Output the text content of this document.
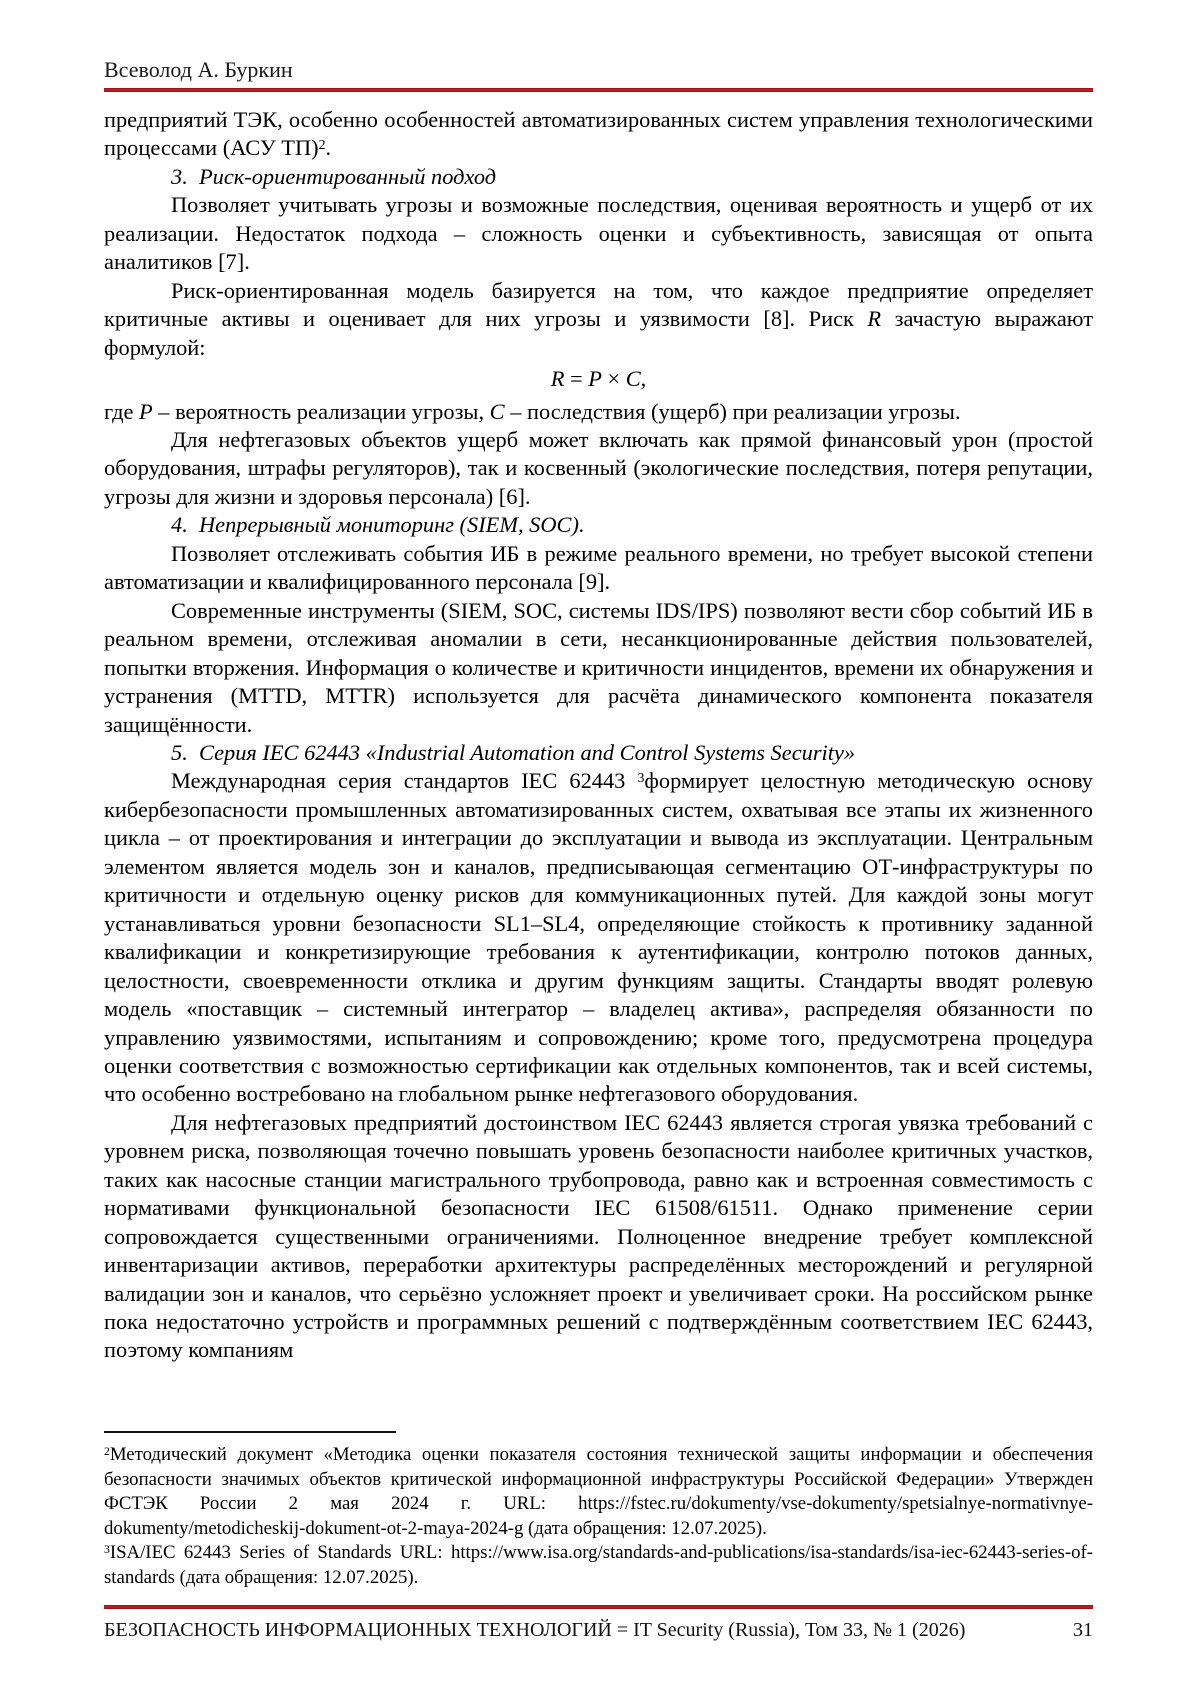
Всеволод А. Буркин
предприятий ТЭК, особенно особенностей автоматизированных систем управления технологическими процессами (АСУ ТП)$^2$.
3. Риск-ориентированный подход
Позволяет учитывать угрозы и возможные последствия, оценивая вероятность и ущерб от их реализации. Недостаток подхода – сложность оценки и субъективность, зависящая от опыта аналитиков [7].
Риск-ориентированная модель базируется на том, что каждое предприятие определяет критичные активы и оценивает для них угрозы и уязвимости [8]. Риск R зачастую выражают формулой:
R = P × C,
где P – вероятность реализации угрозы, C – последствия (ущерб) при реализации угрозы.
Для нефтегазовых объектов ущерб может включать как прямой финансовый урон (простой оборудования, штрафы регуляторов), так и косвенный (экологические последствия, потеря репутации, угрозы для жизни и здоровья персонала) [6].
4. Непрерывный мониторинг (SIEM, SOC).
Позволяет отслеживать события ИБ в режиме реального времени, но требует высокой степени автоматизации и квалифицированного персонала [9].
Современные инструменты (SIEM, SOC, системы IDS/IPS) позволяют вести сбор событий ИБ в реальном времени, отслеживая аномалии в сети, несанкционированные действия пользователей, попытки вторжения. Информация о количестве и критичности инцидентов, времени их обнаружения и устранения (MTTD, MTTR) используется для расчёта динамического компонента показателя защищённости.
5. Серия IEC 62443 «Industrial Automation and Control Systems Security»
Международная серия стандартов IEC 62443 $^3$формирует целостную методическую основу кибербезопасности промышленных автоматизированных систем, охватывая все этапы их жизненного цикла – от проектирования и интеграции до эксплуатации и вывода из эксплуатации. Центральным элементом является модель зон и каналов, предписывающая сегментацию ОТ-инфраструктуры по критичности и отдельную оценку рисков для коммуникационных путей. Для каждой зоны могут устанавливаться уровни безопасности SL1–SL4, определяющие стойкость к противнику заданной квалификации и конкретизирующие требования к аутентификации, контролю потоков данных, целостности, своевременности отклика и другим функциям защиты. Стандарты вводят ролевую модель «поставщик – системный интегратор – владелец актива», распределяя обязанности по управлению уязвимостями, испытаниям и сопровождению; кроме того, предусмотрена процедура оценки соответствия с возможностью сертификации как отдельных компонентов, так и всей системы, что особенно востребовано на глобальном рынке нефтегазового оборудования.
Для нефтегазовых предприятий достоинством IEC 62443 является строгая увязка требований с уровнем риска, позволяющая точечно повышать уровень безопасности наиболее критичных участков, таких как насосные станции магистрального трубопровода, равно как и встроенная совместимость с нормативами функциональной безопасности IEC 61508/61511. Однако применение серии сопровождается существенными ограничениями. Полноценное внедрение требует комплексной инвентаризации активов, переработки архитектуры распределённых месторождений и регулярной валидации зон и каналов, что серьёзно усложняет проект и увеличивает сроки. На российском рынке пока недостаточно устройств и программных решений с подтверждённым соответствием IEC 62443, поэтому компаниям
$^2$Методический документ «Методика оценки показателя состояния технической защиты информации и обеспечения безопасности значимых объектов критической информационной инфраструктуры Российской Федерации» Утвержден ФСТЭК России 2 мая 2024 г. URL: https://fstec.ru/dokumenty/vse-dokumenty/spetsialnye-normativnye-dokumenty/metodicheskij-dokument-ot-2-maya-2024-g (дата обращения: 12.07.2025).
$^3$ISA/IEC 62443 Series of Standards URL: https://www.isa.org/standards-and-publications/isa-standards/isa-iec-62443-series-of-standards (дата обращения: 12.07.2025).
БЕЗОПАСНОСТЬ ИНФОРМАЦИОННЫХ ТЕХНОЛОГИЙ = IT Security (Russia), Том 33, № 1 (2026)	31
